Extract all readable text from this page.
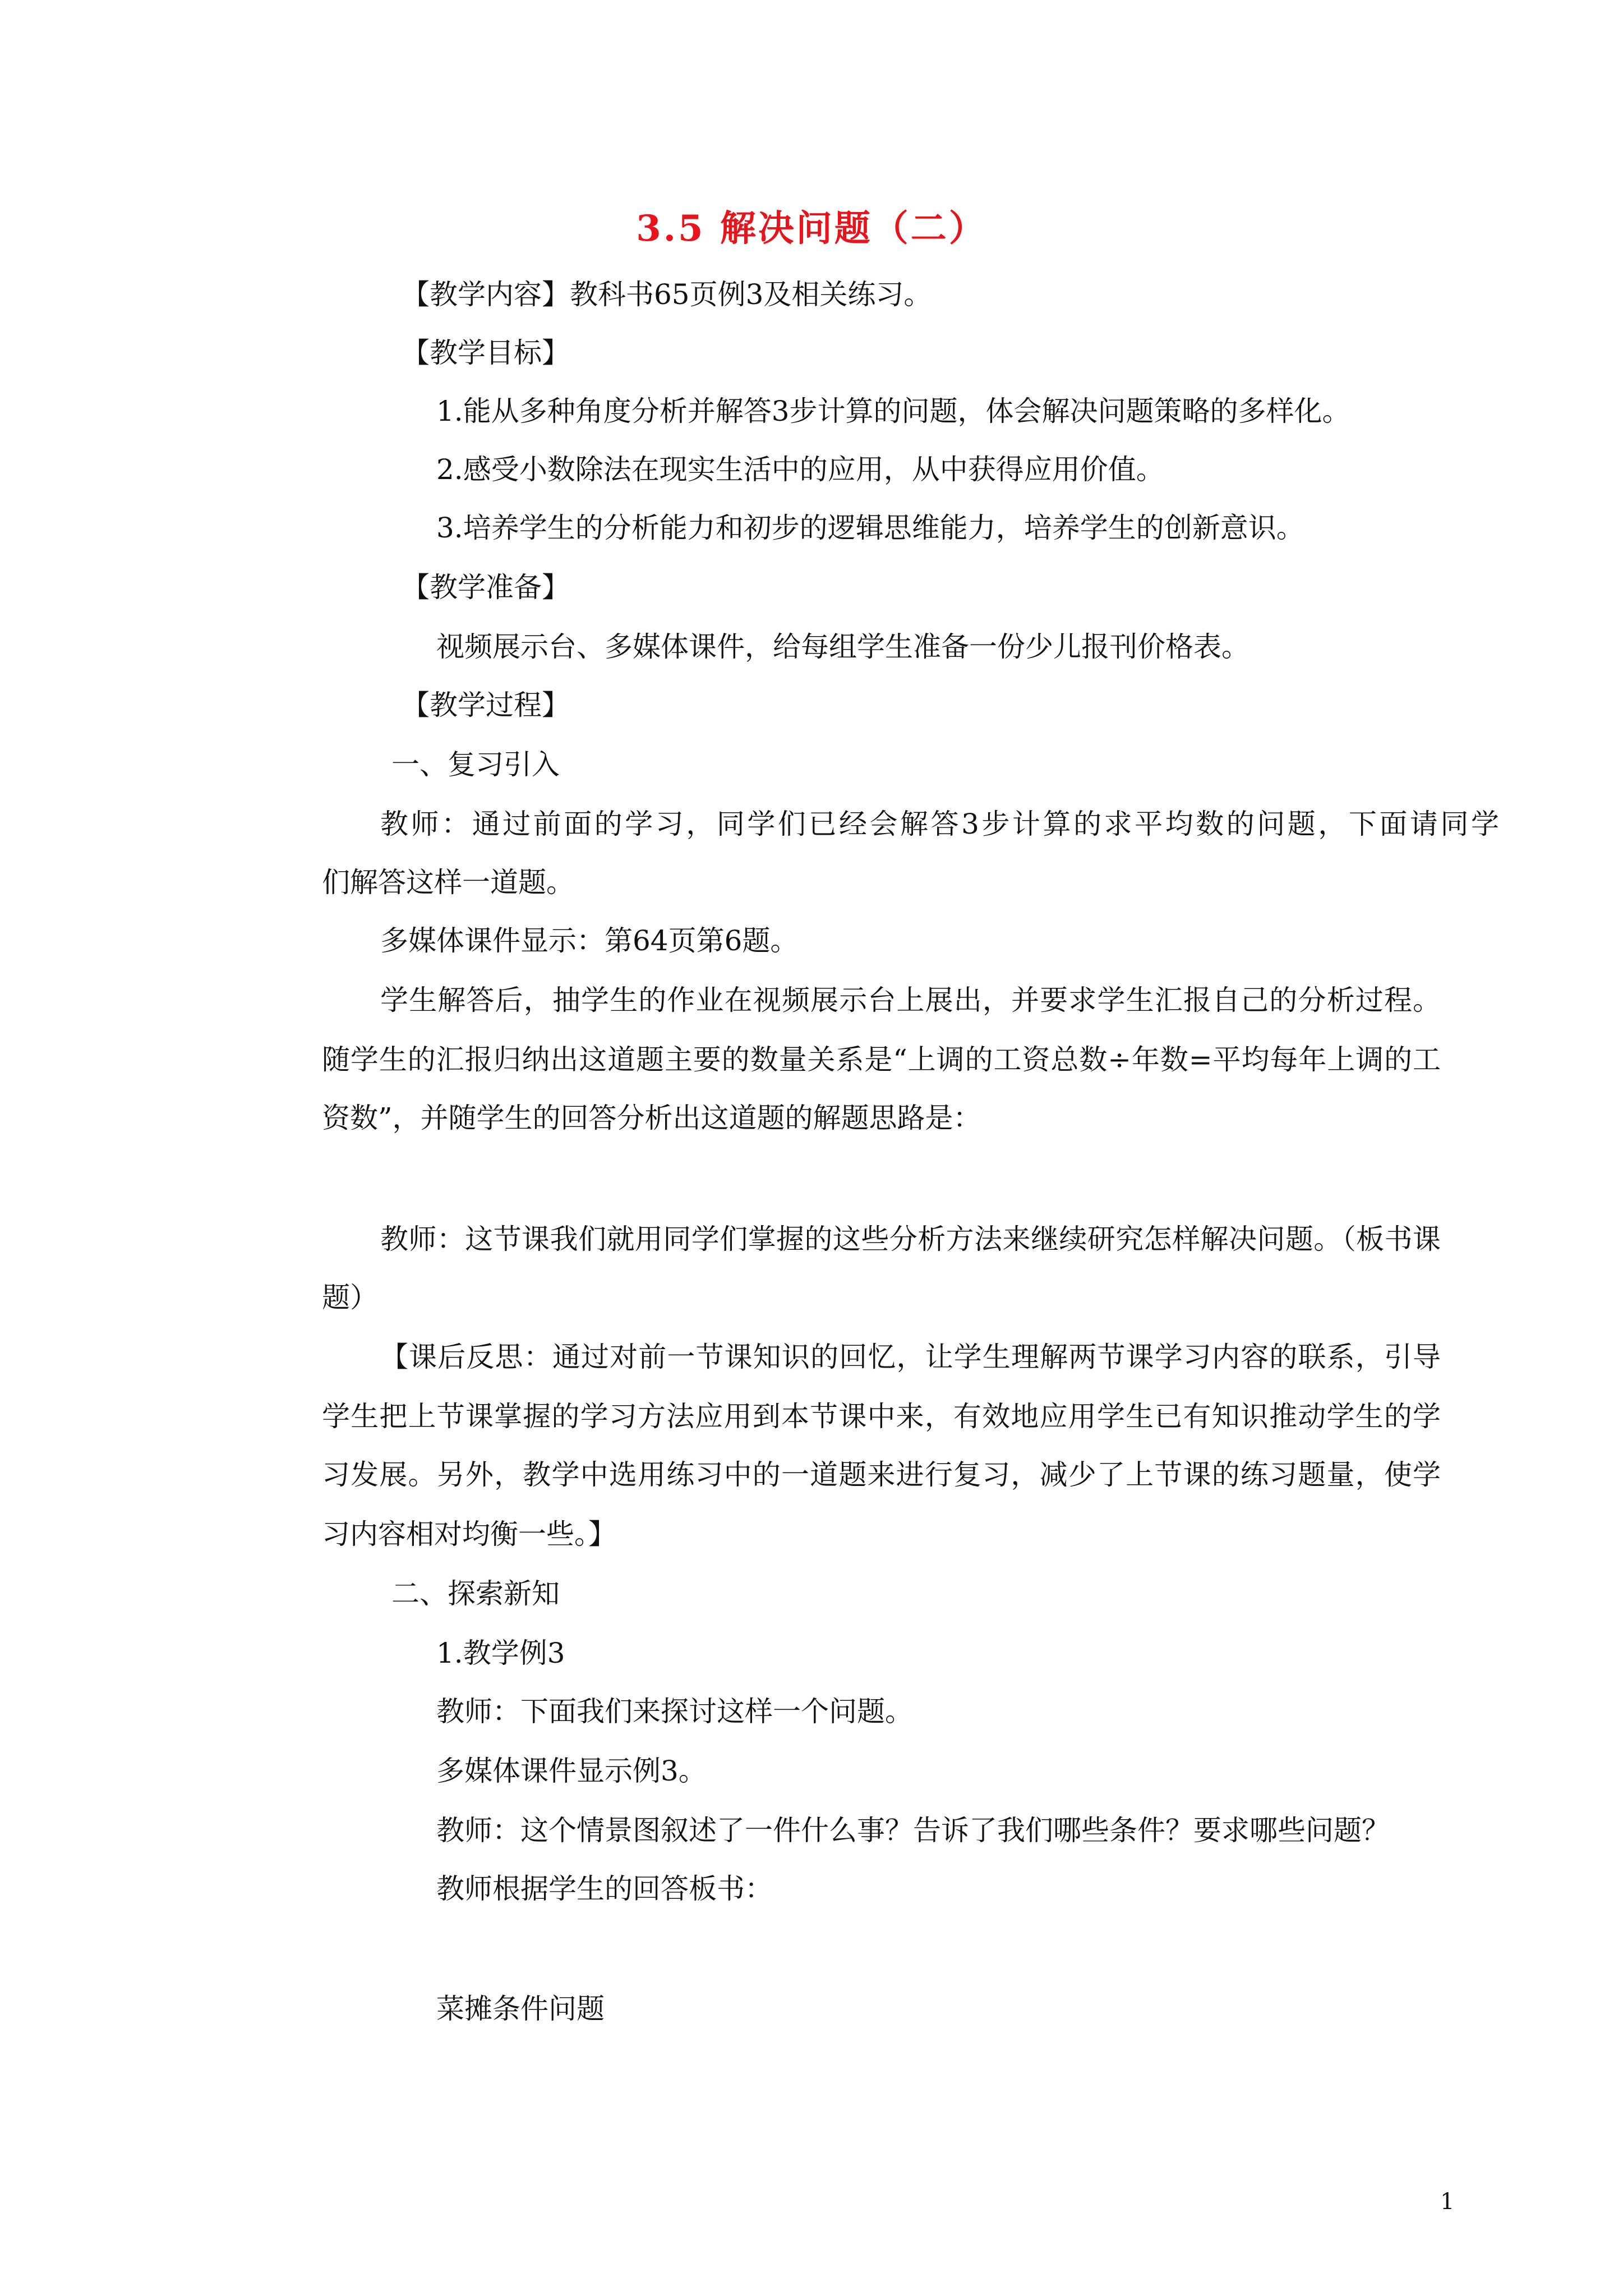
3.5 解决问题（二）
【教学内容】教科书65页例3及相关练习。
【教学目标】
1.能从多种角度分析并解答3步计算的问题，体会解决问题策略的多样化。
2.感受小数除法在现实生活中的应用，从中获得应用价值。
3.培养学生的分析能力和初步的逻辑思维能力，培养学生的创新意识。
【教学准备】
视频展示台、多媒体课件，给每组学生准备一份少儿报刊价格表。
【教学过程】
一、复习引入
教师：通过前面的学习，同学们已经会解答3步计算的求平均数的问题，下面请同学
们解答这样一道题。
多媒体课件显示：第64页第6题。
学生解答后，抽学生的作业在视频展示台上展出，并要求学生汇报自己的分析过程。
随学生的汇报归纳出这道题主要的数量关系是“上调的工资总数÷年数=平均每年上调的工
资数”，并随学生的回答分析出这道题的解题思路是：
教师：这节课我们就用同学们掌握的这些分析方法来继续研究怎样解决问题。（板书课
题）
【课后反思：通过对前一节课知识的回忆，让学生理解两节课学习内容的联系，引导
学生把上节课掌握的学习方法应用到本节课中来，有效地应用学生已有知识推动学生的学
习发展。另外，教学中选用练习中的一道题来进行复习，减少了上节课的练习题量，使学
习内容相对均衡一些。】
二、探索新知
1.教学例3
教师：下面我们来探讨这样一个问题。
多媒体课件显示例3。
教师：这个情景图叙述了一件什么事？告诉了我们哪些条件？要求哪些问题？
教师根据学生的回答板书：
菜摊条件问题
1
